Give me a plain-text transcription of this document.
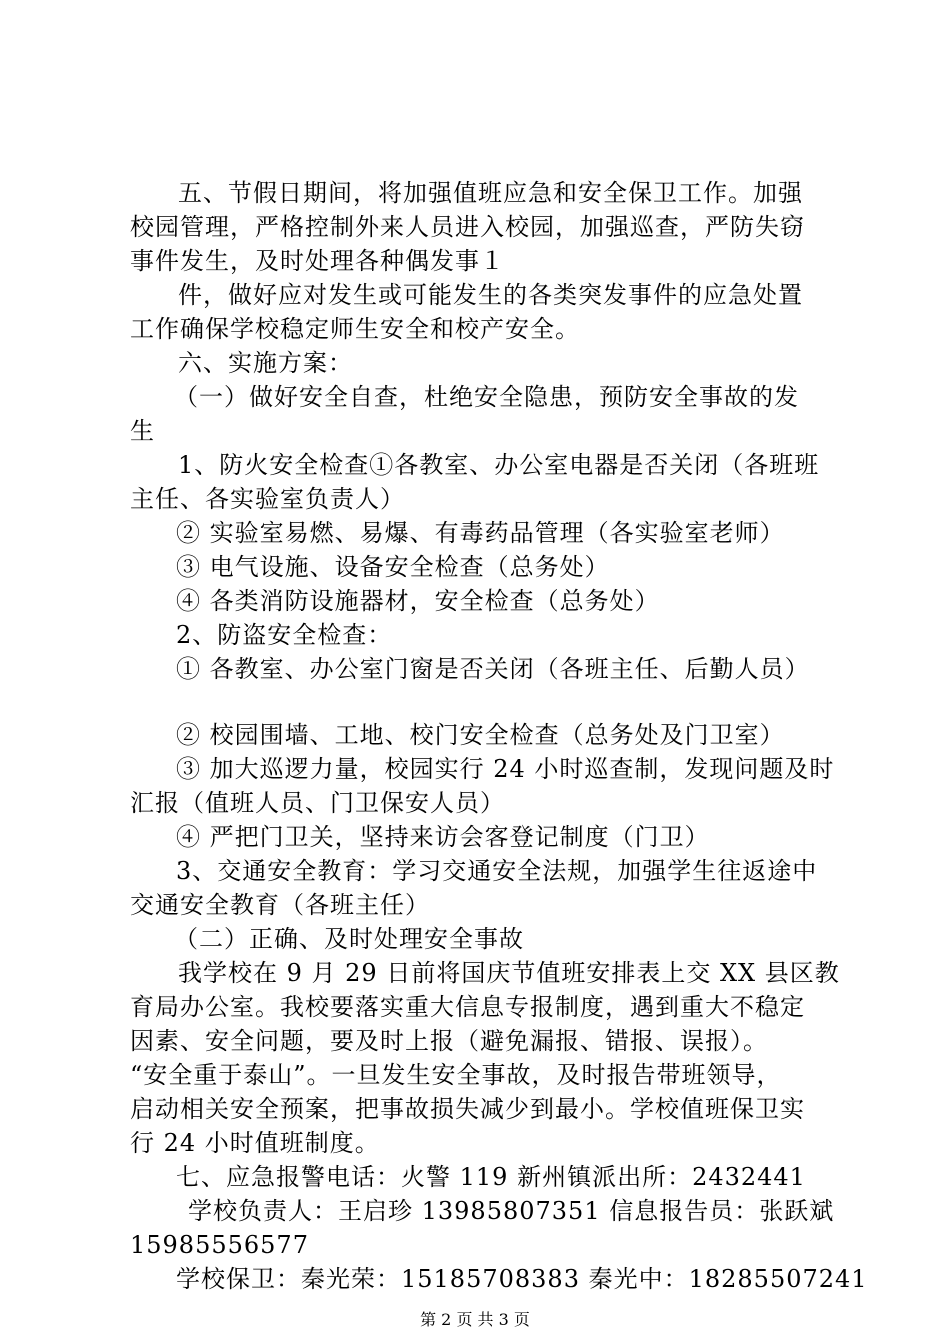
五、节假日期间，将加强值班应急和安全保卫工作。加强
校园管理，严格控制外来人员进入校园，加强巡查，严防失窃
事件发生，及时处理各种偶发事１
件，做好应对发生或可能发生的各类突发事件的应急处置
工作确保学校稳定师生安全和校产安全。
六、实施方案：
（一）做好安全自查，杜绝安全隐患，预防安全事故的发
生
1、防火安全检查①各教室、办公室电器是否关闭（各班班
主任、各实验室负责人）
② 实验室易燃、易爆、有毒药品管理（各实验室老师）
③ 电气设施、设备安全检查（总务处）
④ 各类消防设施器材，安全检查（总务处）
2、防盗安全检查：
① 各教室、办公室门窗是否关闭（各班主任、后勤人员）
② 校园围墙、工地、校门安全检查（总务处及门卫室）
③ 加大巡逻力量，校园实行 24 小时巡查制，发现问题及时
汇报（值班人员、门卫保安人员）
④ 严把门卫关，坚持来访会客登记制度（门卫）
3、交通安全教育：学习交通安全法规，加强学生往返途中
交通安全教育（各班主任）
（二）正确、及时处理安全事故
我学校在 9 月 29 日前将国庆节值班安排表上交 XX 县区教
育局办公室。我校要落实重大信息专报制度，遇到重大不稳定
因素、安全问题，要及时上报（避免漏报、错报、误报）。
“安全重于泰山”。一旦发生安全事故，及时报告带班领导，
启动相关安全预案，把事故损失减少到最小。学校值班保卫实
行 24 小时值班制度。
七、应急报警电话：火警 119 新州镇派出所：2432441
学校负责人：王启珍 13985807351 信息报告员：张跃斌
15985556577
学校保卫：秦光荣：15185708383 秦光中：18285507241
第 2 页 共 3 页
